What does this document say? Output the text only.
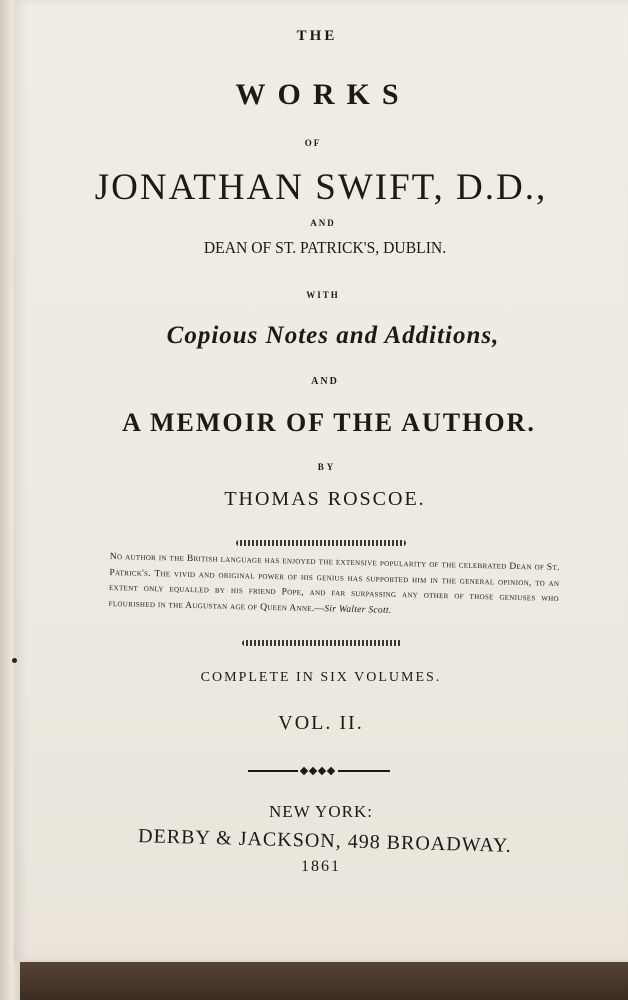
THE
WORKS
OF
JONATHAN SWIFT, D.D.,
AND
DEAN OF ST. PATRICK'S, DUBLIN.
WITH
Copious Notes and Additions,
AND
A MEMOIR OF THE AUTHOR.
BY
THOMAS ROSCOE.
No author in the British language has enjoyed the extensive popularity of the celebrated Dean of St. Patrick's. The vivid and original power of his genius has supported him in the general opinion, to an extent only equalled by his friend Pope, and far surpassing any other of those geniuses who flourished in the Augustan age of Queen Anne.—Sir Walter Scott.
COMPLETE IN SIX VOLUMES.
VOL. II.
NEW YORK:
DERBY & JACKSON, 498 BROADWAY.
1861
